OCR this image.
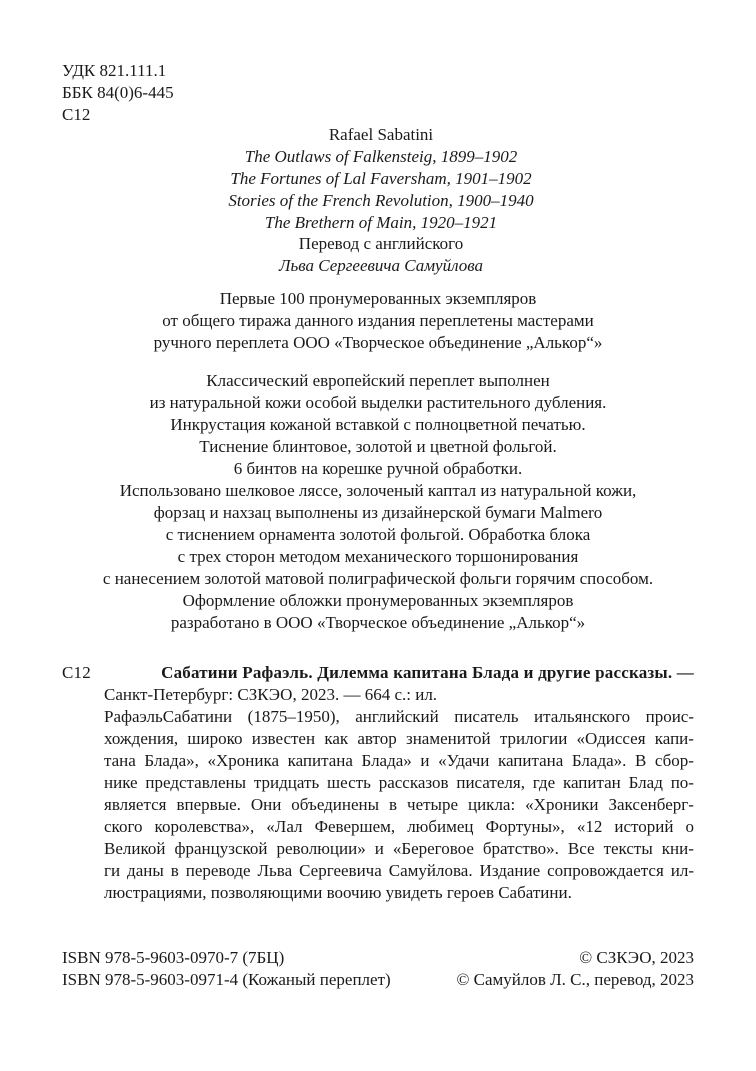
УДК 821.111.1
ББК 84(0)6-445
С12
Rafael Sabatini
The Outlaws of Falkensteig, 1899–1902
The Fortunes of Lal Faversham, 1901–1902
Stories of the French Revolution, 1900–1940
The Brethern of Main, 1920–1921
Перевод с английского
Льва Сергеевича Самуйлова
Первые 100 пронумерованных экземпляров
от общего тиража данного издания переплетены мастерами
ручного переплета ООО «Творческое объединение „Алькор“»
Классический европейский переплет выполнен
из натуральной кожи особой выделки растительного дубления.
Инкрустация кожаной вставкой с полноцветной печатью.
Тиснение блинтовое, золотой и цветной фольгой.
6 бинтов на корешке ручной обработки.
Использовано шелковое ляссе, золоченый каптал из натуральной кожи,
форзац и нахзац выполнены из дизайнерской бумаги Malmero
с тиснением орнамента золотой фольгой. Обработка блока
с трех сторон методом механического торшонирования
с нанесением золотой матовой полиграфической фольги горячим способом.
Оформление обложки пронумерованных экземпляров
разработано в ООО «Творческое объединение „Алькор“»
С12	Сабатини Рафаэль. Дилемма капитана Блада и другие рассказы. —
Санкт-Петербург: СЗКЭО, 2023. — 664 с.: ил.
РафаэльСабатини (1875–1950), английский писатель итальянского проис-
хождения, широко известен как автор знаменитой трилогии «Одиссея капи-
тана Блада», «Хроника капитана Блада» и «Удачи капитана Блада». В сбор-
нике представлены тридцать шесть рассказов писателя, где капитан Блад по-
является впервые. Они объединены в четыре цикла: «Хроники Заксенберг-
ского королевства», «Лал Февершем, любимец Фортуны», «12 историй о
Великой французской революции» и «Береговое братство». Все тексты кни-
ги даны в переводе Льва Сергеевича Самуйлова. Издание сопровождается ил-
люстрациями, позволяющими воочию увидеть героев Сабатини.
ISBN 978-5-9603-0970-7 (7БЦ)	© СЗКЭО, 2023
ISBN 978-5-9603-0971-4 (Кожаный переплет)	© Самуйлов Л. С., перевод, 2023
